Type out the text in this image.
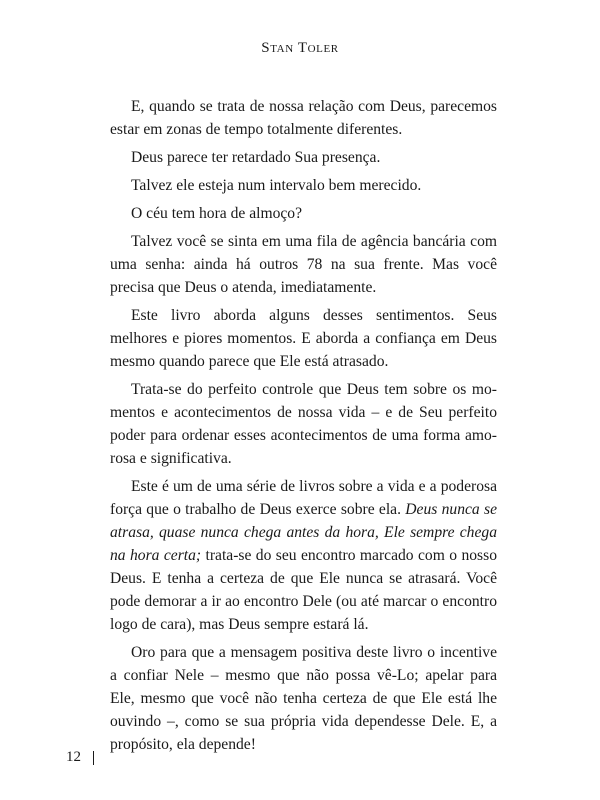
Stan Toler

E, quando se trata de nossa relação com Deus, parecemos estar em zonas de tempo totalmente diferentes.

Deus parece ter retardado Sua presença.

Talvez ele esteja num intervalo bem merecido.

O céu tem hora de almoço?

Talvez você se sinta em uma fila de agência bancária com uma senha: ainda há outros 78 na sua frente. Mas você precisa que Deus o atenda, imediatamente.

Este livro aborda alguns desses sentimentos. Seus melhores e piores momentos. E aborda a confiança em Deus mesmo quando parece que Ele está atrasado.

Trata-se do perfeito controle que Deus tem sobre os momentos e acontecimentos de nossa vida – e de Seu perfeito poder para ordenar esses acontecimentos de uma forma amorosa e significativa.

Este é um de uma série de livros sobre a vida e a poderosa força que o trabalho de Deus exerce sobre ela. Deus nunca se atrasa, quase nunca chega antes da hora, Ele sempre chega na hora certa; trata-se do seu encontro marcado com o nosso Deus. E tenha a certeza de que Ele nunca se atrasará. Você pode demorar a ir ao encontro Dele (ou até marcar o encontro logo de cara), mas Deus sempre estará lá.

Oro para que a mensagem positiva deste livro o incentive a confiar Nele – mesmo que não possa vê-Lo; apelar para Ele, mesmo que você não tenha certeza de que Ele está lhe ouvindo –, como se sua própria vida dependesse Dele. E, a propósito, ela depende!

12
